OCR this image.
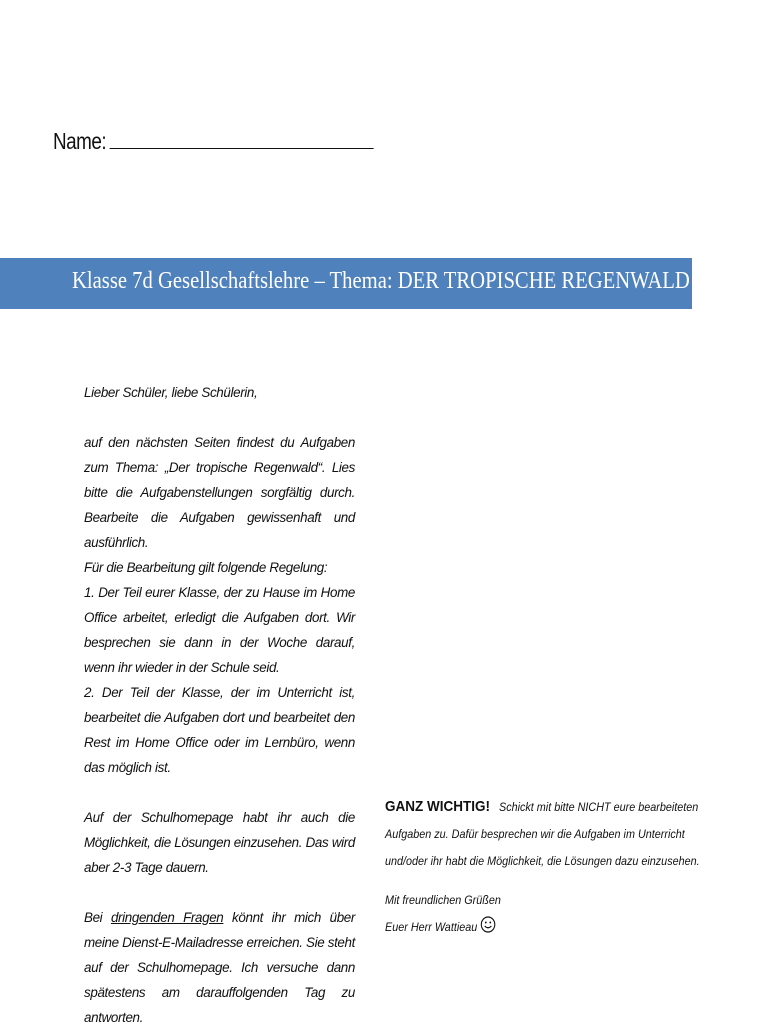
Name:
Klasse 7d Gesellschaftslehre – Thema: DER TROPISCHE REGENWALD (WAT)

Lieber Schüler, liebe Schülerin,

auf den nächsten Seiten findest du Aufgaben zum Thema: „Der tropische Regenwald“. Lies bitte die Aufgabenstellungen sorgfältig durch. Bearbeite die Aufgaben gewissenhaft und ausführlich.

Für die Bearbeitung gilt folgende Regelung:

1. Der Teil eurer Klasse, der zu Hause im Home Office arbeitet, erledigt die Aufgaben dort. Wir besprechen sie dann in der Woche darauf, wenn ihr wieder in der Schule seid.

2. Der Teil der Klasse, der im Unterricht ist, bearbeitet die Aufgaben dort und bearbeitet den Rest im Home Office oder im Lernbüro, wenn das möglich ist.

Auf der Schulhomepage habt ihr auch die Möglichkeit, die Lösungen einzusehen. Das wird aber 2-3 Tage dauern.

Bei dringenden Fragen könnt ihr mich über meine Dienst-E-Mailadresse erreichen. Sie steht auf der Schulhomepage. Ich versuche dann spätestens am darauffolgenden Tag zu antworten.

GANZ WICHTIG! Schickt mit bitte NICHT eure bearbeiteten Aufgaben zu. Dafür besprechen wir die Aufgaben im Unterricht und/oder ihr habt die Möglichkeit, die Lösungen dazu einzusehen.

Mit freundlichen Grüßen

Euer Herr Wattieau
